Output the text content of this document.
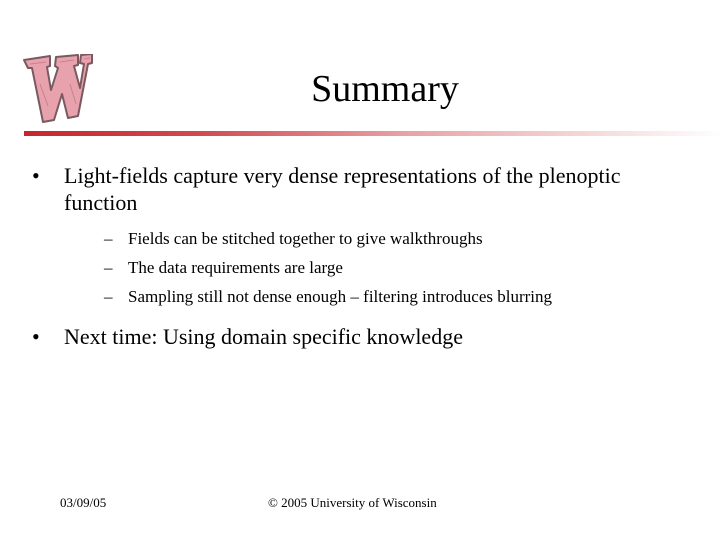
Summary
•	Light-fields capture very dense representations of the plenoptic function
– Fields can be stitched together to give walkthroughs
– The data requirements are large
– Sampling still not dense enough – filtering introduces blurring
•	Next time: Using domain specific knowledge
03/09/05	© 2005 University of Wisconsin
